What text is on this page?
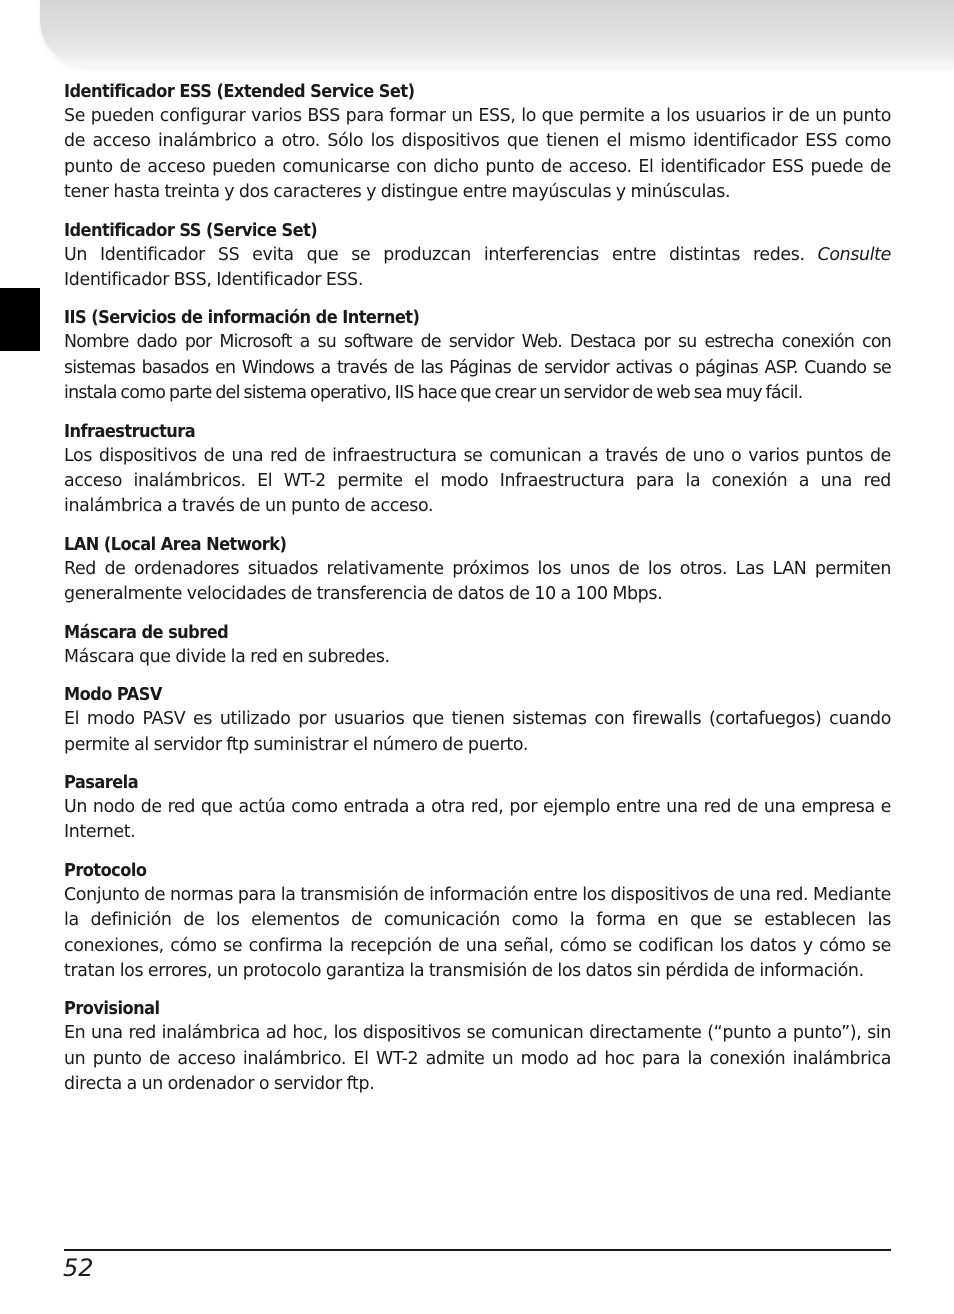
Identificador ESS (Extended Service Set)
Se pueden configurar varios BSS para formar un ESS, lo que permite a los usuarios ir de un punto de acceso inalámbrico a otro. Sólo los dispositivos que tienen el mismo identificador ESS como punto de acceso pueden comunicarse con dicho punto de acceso. El identificador ESS puede de tener hasta treinta y dos caracteres y distingue entre mayúsculas y minúsculas.
Identificador SS (Service Set)
Un Identificador SS evita que se produzcan interferencias entre distintas redes. Consulte Identificador BSS, Identificador ESS.
IIS (Servicios de información de Internet)
Nombre dado por Microsoft a su software de servidor Web. Destaca por su estrecha conexión con sistemas basados en Windows a través de las Páginas de servidor activas o páginas ASP. Cuando se instala como parte del sistema operativo, IIS hace que crear un servidor de web sea muy fácil.
Infraestructura
Los dispositivos de una red de infraestructura se comunican a través de uno o varios puntos de acceso inalámbricos. El WT-2 permite el modo Infraestructura para la conexión a una red inalámbrica a través de un punto de acceso.
LAN (Local Area Network)
Red de ordenadores situados relativamente próximos los unos de los otros. Las LAN permiten generalmente velocidades de transferencia de datos de 10 a 100 Mbps.
Máscara de subred
Máscara que divide la red en subredes.
Modo PASV
El modo PASV es utilizado por usuarios que tienen sistemas con firewalls (cortafuegos) cuando permite al servidor ftp suministrar el número de puerto.
Pasarela
Un nodo de red que actúa como entrada a otra red, por ejemplo entre una red de una empresa e Internet.
Protocolo
Conjunto de normas para la transmisión de información entre los dispositivos de una red. Mediante la definición de los elementos de comunicación como la forma en que se establecen las conexiones, cómo se confirma la recepción de una señal, cómo se codifican los datos y cómo se tratan los errores, un protocolo garantiza la transmisión de los datos sin pérdida de información.
Provisional
En una red inalámbrica ad hoc, los dispositivos se comunican directamente (“punto a punto”), sin un punto de acceso inalámbrico. El WT-2 admite un modo ad hoc para la conexión inalámbrica directa a un ordenador o servidor ftp.
52
